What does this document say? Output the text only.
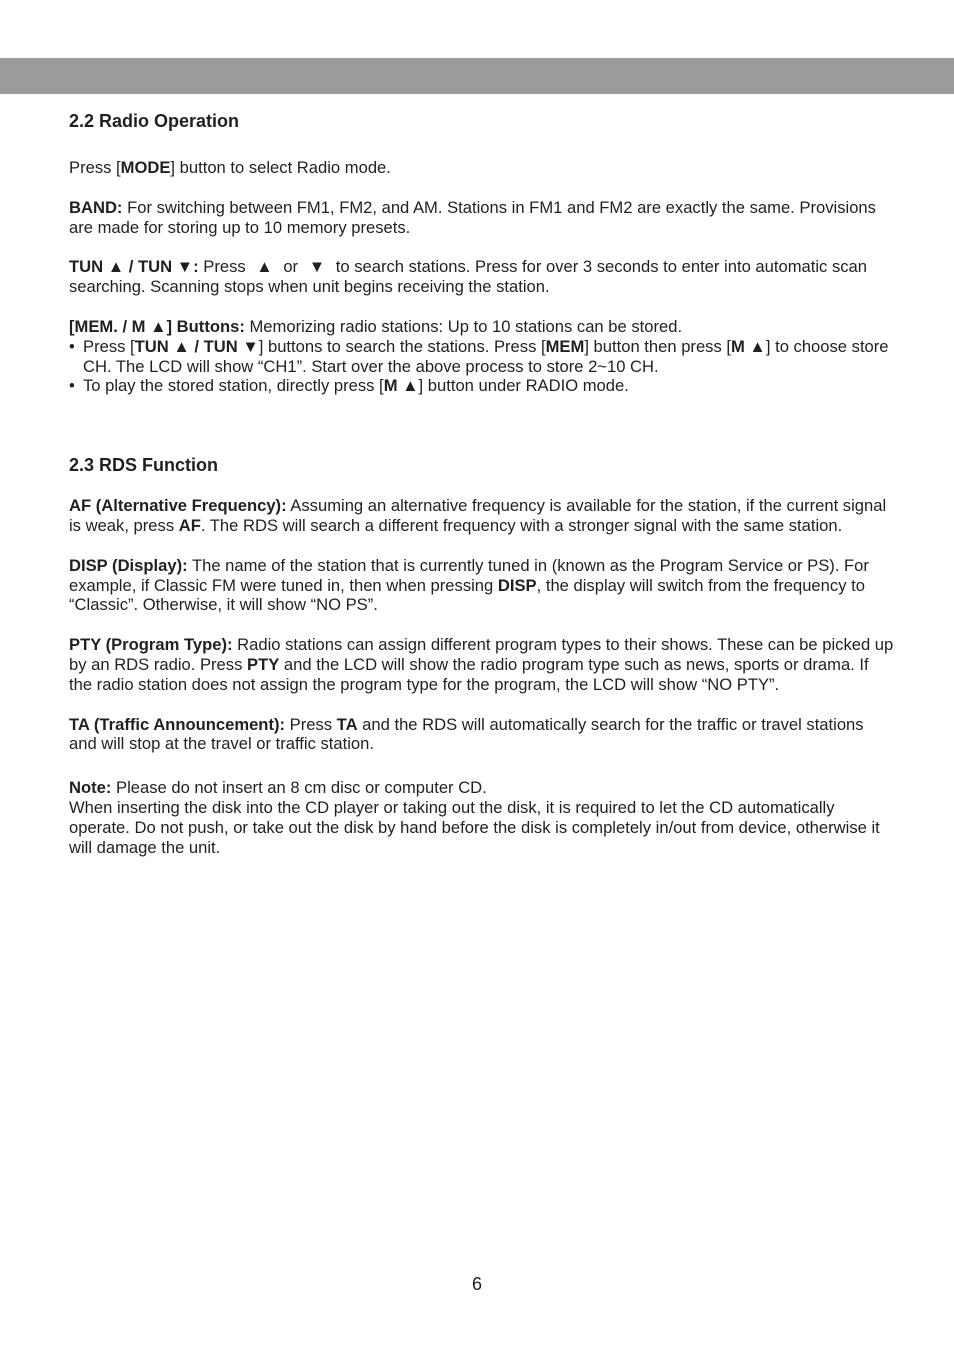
2.2 Radio Operation

Press [MODE] button to select Radio mode.

BAND: For switching between FM1, FM2, and AM. Stations in FM1 and FM2 are exactly the same. Provisions are made for storing up to 10 memory presets.

TUN ▲ / TUN ▼: Press ▲ or ▼ to search stations. Press for over 3 seconds to enter into automatic scan searching. Scanning stops when unit begins receiving the station.

[MEM. / M ▲] Buttons: Memorizing radio stations: Up to 10 stations can be stored.

• Press [TUN ▲ / TUN ▼] buttons to search the stations. Press [MEM] button then press [M ▲] to choose store CH. The LCD will show “CH1”. Start over the above process to store 2~10 CH.
• To play the stored station, directly press [M ▲] button under RADIO mode.
2.3 RDS Function

AF (Alternative Frequency): Assuming an alternative frequency is available for the station, if the current signal is weak, press AF. The RDS will search a different frequency with a stronger signal with the same station.

DISP (Display): The name of the station that is currently tuned in (known as the Program Service or PS). For example, if Classic FM were tuned in, then when pressing DISP, the display will switch from the frequency to “Classic”. Otherwise, it will show “NO PS”.

PTY (Program Type): Radio stations can assign different program types to their shows. These can be picked up by an RDS radio. Press PTY and the LCD will show the radio program type such as news, sports or drama. If the radio station does not assign the program type for the program, the LCD will show “NO PTY”.

TA (Traffic Announcement): Press TA and the RDS will automatically search for the traffic or travel stations and will stop at the travel or traffic station.

Note: Please do not insert an 8 cm disc or computer CD.

When inserting the disk into the CD player or taking out the disk, it is required to let the CD automatically operate. Do not push, or take out the disk by hand before the disk is completely in/out from device, otherwise it will damage the unit.

6
